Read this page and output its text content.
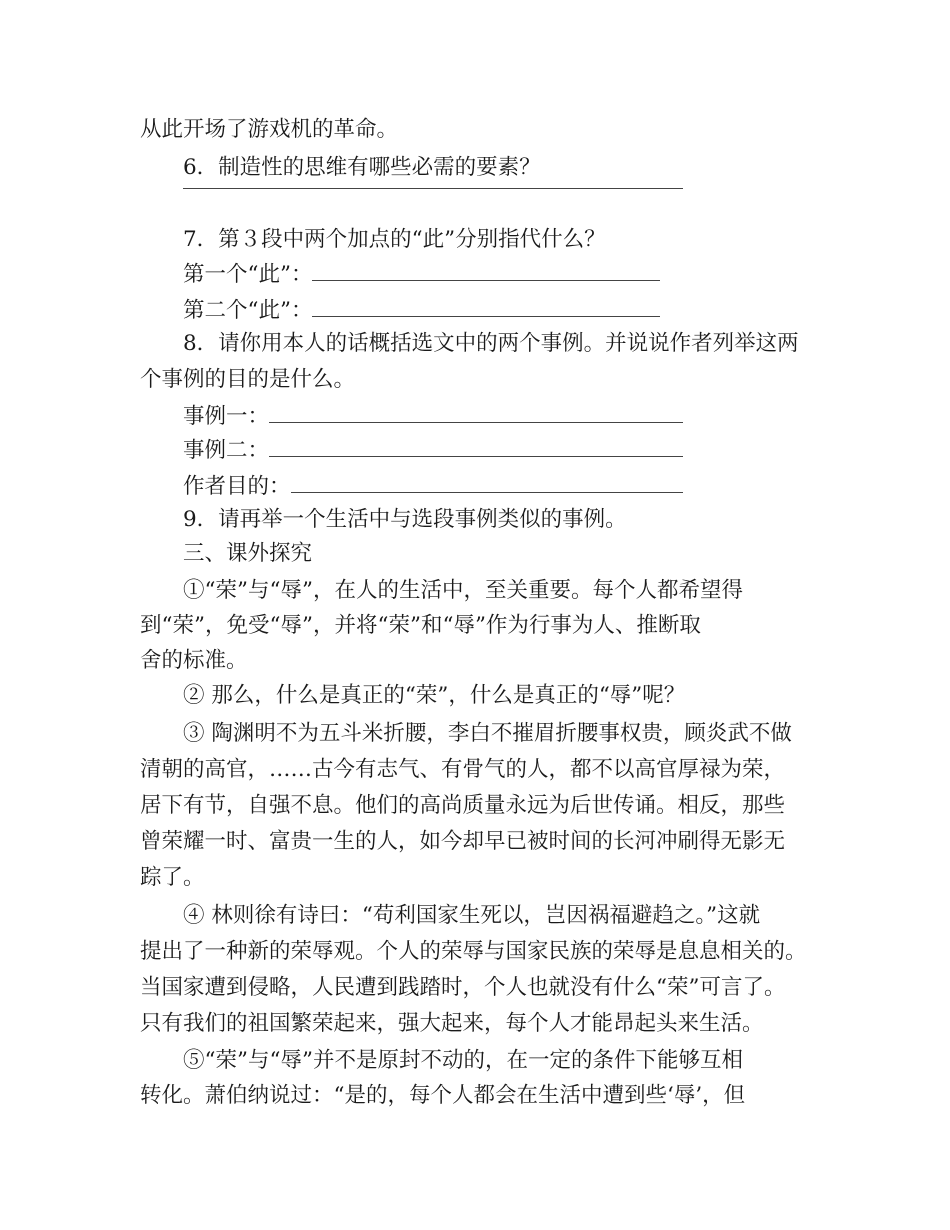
从此开场了游戏机的革命。
6．制造性的思维有哪些必需的要素？
7．第３段中两个加点的“此”分别指代什么？
第一个“此”：
第二个“此”：
8．请你用本人的话概括选文中的两个事例。并说说作者列举这两
个事例的目的是什么。
事例一：
事例二：
作者目的：
9．请再举一个生活中与选段事例类似的事例。
三、课外探究
①“荣”与“辱”，在人的生活中，至关重要。每个人都希望得
到“荣”，免受“辱”，并将“荣”和“辱”作为行事为人、推断取
舍的标准。
② 那么，什么是真正的“荣”，什么是真正的“辱”呢？
③ 陶渊明不为五斗米折腰，李白不摧眉折腰事权贵，顾炎武不做
清朝的高官，……古今有志气、有骨气的人，都不以高官厚禄为荣，
居下有节，自强不息。他们的高尚质量永远为后世传诵。相反，那些
曾荣耀一时、富贵一生的人，如今却早已被时间的长河冲刷得无影无
踪了。
④ 林则徐有诗曰：“苟利国家生死以，岂因祸福避趋之。”这就
提出了一种新的荣辱观。个人的荣辱与国家民族的荣辱是息息相关的。
当国家遭到侵略，人民遭到践踏时，个人也就没有什么“荣”可言了。
只有我们的祖国繁荣起来，强大起来，每个人才能昂起头来生活。
⑤“荣”与“辱”并不是原封不动的，在一定的条件下能够互相
转化。萧伯纳说过：“是的，每个人都会在生活中遭到些‘辱’，但
